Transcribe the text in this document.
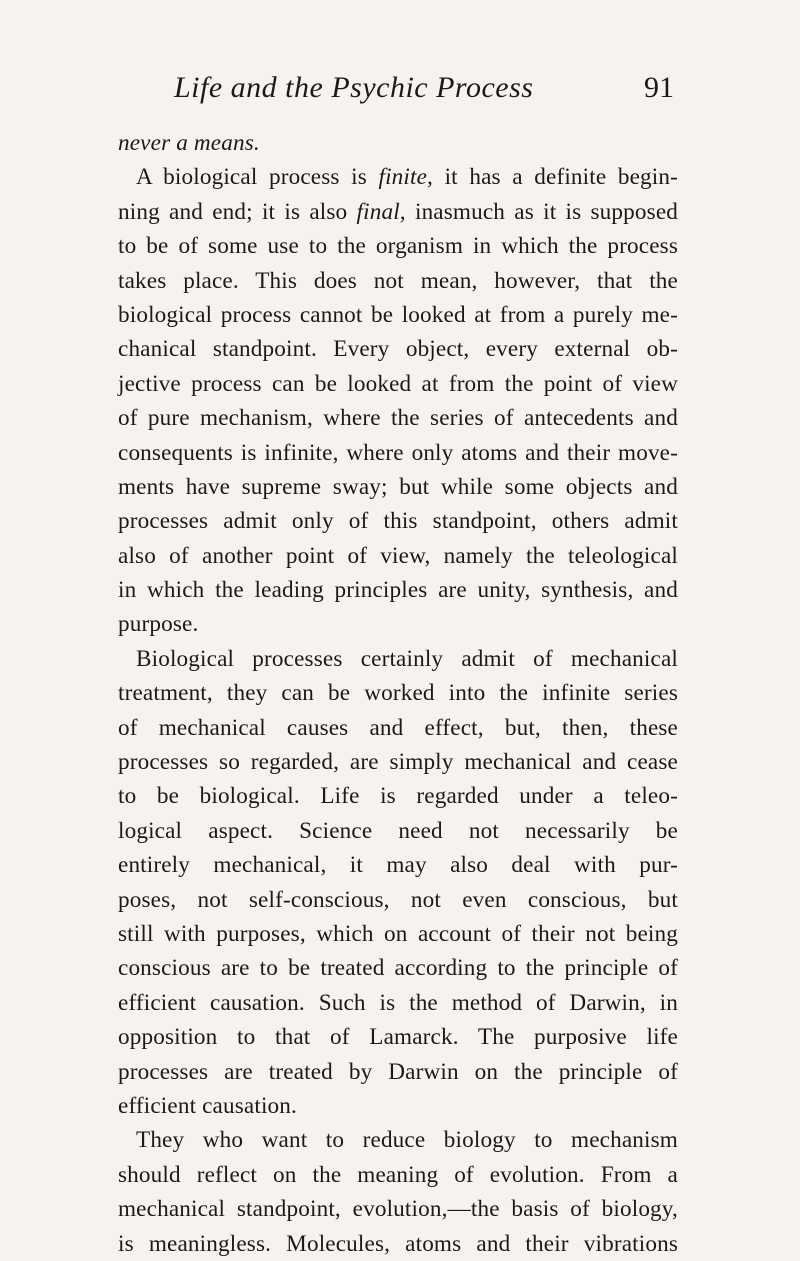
Life and the Psychic Process	91
never a means.
A biological process is finite, it has a definite begin-
ning and end; it is also final, inasmuch as it is supposed
to be of some use to the organism in which the process
takes place. This does not mean, however, that the
biological process cannot be looked at from a purely me-
chanical standpoint. Every object, every external ob-
jective process can be looked at from the point of view
of pure mechanism, where the series of antecedents and
consequents is infinite, where only atoms and their move-
ments have supreme sway; but while some objects and
processes admit only of this standpoint, others admit
also of another point of view, namely the teleological
in which the leading principles are unity, synthesis, and
purpose.
Biological processes certainly admit of mechanical
treatment, they can be worked into the infinite series
of mechanical causes and effect, but, then, these
processes so regarded, are simply mechanical and cease
to be biological. Life is regarded under a teleo-
logical aspect. Science need not necessarily be
entirely mechanical, it may also deal with pur-
poses, not self-conscious, not even conscious, but
still with purposes, which on account of their not being
conscious are to be treated according to the principle of
efficient causation. Such is the method of Darwin, in
opposition to that of Lamarck. The purposive life
processes are treated by Darwin on the principle of
efficient causation.
They who want to reduce biology to mechanism
should reflect on the meaning of evolution. From a
mechanical standpoint, evolution,—the basis of biology,
is meaningless. Molecules, atoms and their vibrations
